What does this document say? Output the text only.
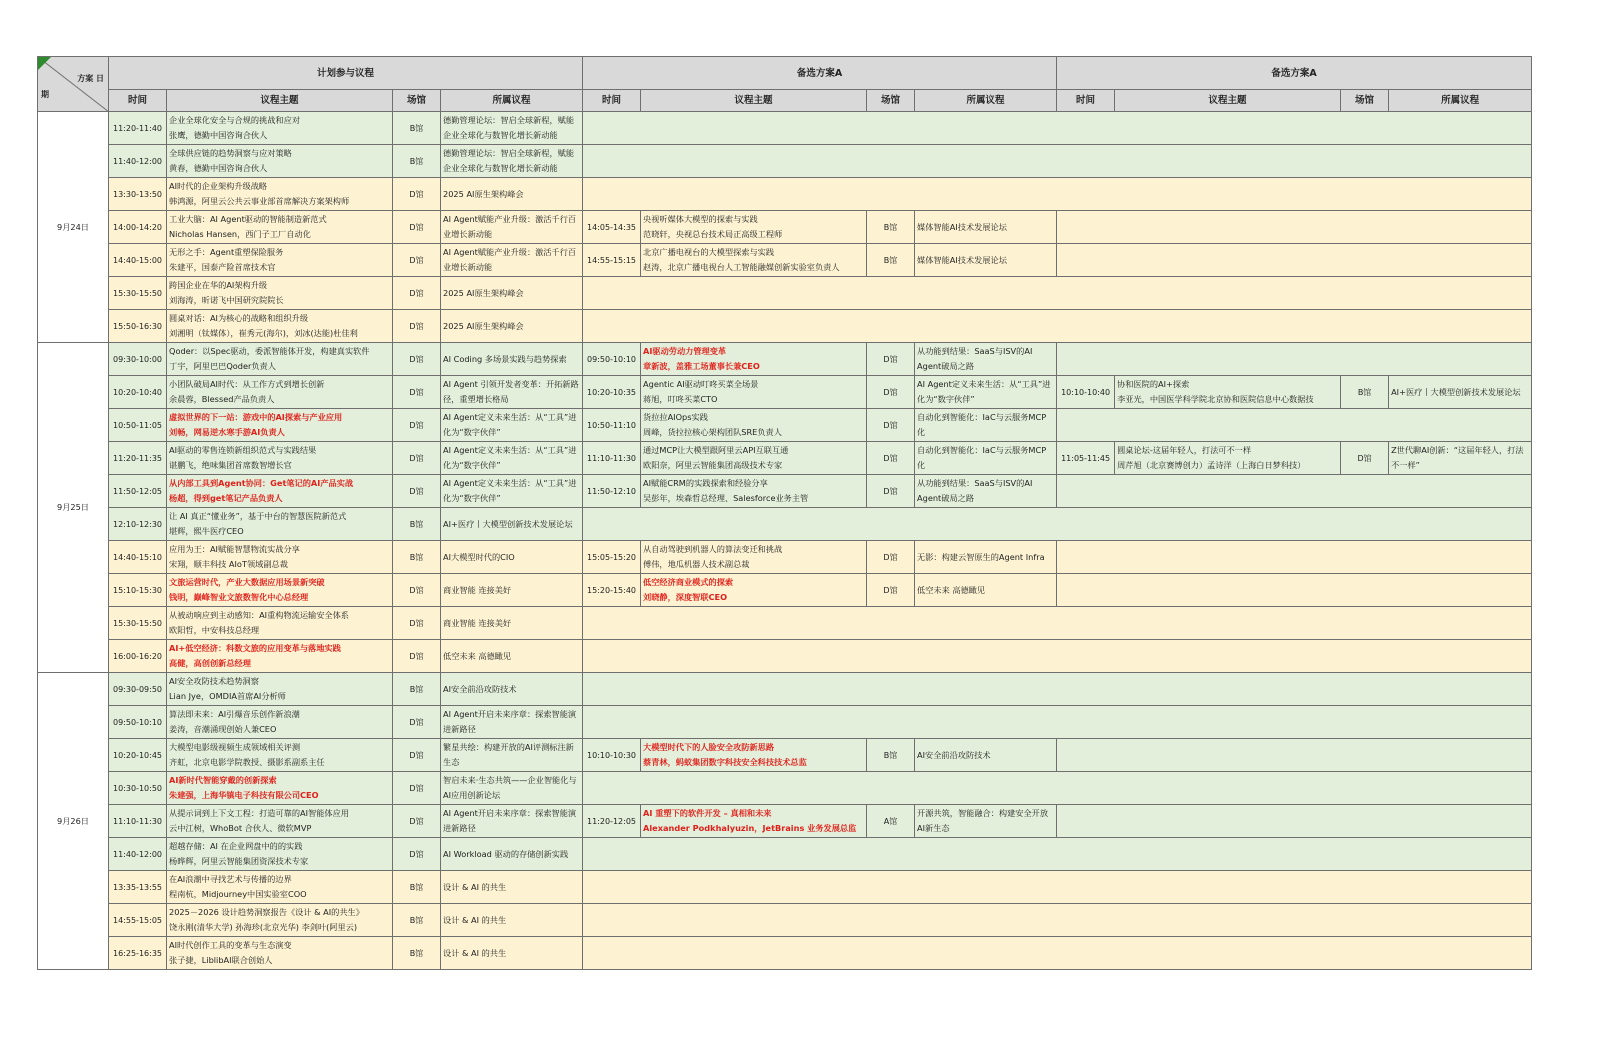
方案 日
期	计划参与议程				备选方案A				备选方案A			
	时间	议程主题	场馆	所属议程	时间	议程主题	场馆	所属议程	时间	议程主题	场馆	所属议程
9月24日	11:20-11:40	企业全球化安全与合规的挑战和应对
张鹰，德勤中国咨询合伙人	B馆	德勤管理论坛：智启全球新程，赋能企业全球化与数智化增长新动能								
	11:40-12:00	全球供应链的趋势洞察与应对策略
黄春，德勤中国咨询合伙人	B馆	德勤管理论坛：智启全球新程，赋能企业全球化与数智化增长新动能								
	13:30-13:50	AI时代的企业架构升级战略
韩鸿源，阿里云公共云事业部首席解决方案架构师	D馆	2025 AI原生架构峰会								
	14:00-14:20	工业大脑：AI Agent驱动的智能制造新范式
Nicholas Hansen，西门子工厂自动化	D馆	AI Agent赋能产业升级：激活千行百业增长新动能	14:05-14:35	央视听媒体大模型的探索与实践
范晓轩，央视总台技术局正高级工程师	B馆	媒体智能AI技术发展论坛				
	14:40-15:00	无形之手：Agent重塑保险服务
朱建平，国泰产险首席技术官	D馆	AI Agent赋能产业升级：激活千行百业增长新动能	14:55-15:15	北京广播电视台的大模型探索与实践
赵涛，北京广播电视台人工智能融媒创新实验室负责人	B馆	媒体智能AI技术发展论坛				
	15:30-15:50	跨国企业在华的AI架构升级
刘海涛，昕诺飞中国研究院院长	D馆	2025 AI原生架构峰会								
	15:50-16:30	圆桌对话：AI为核心的战略和组织升级
刘湘明（钛媒体），崔秀元(海尔)，刘冰(达能)杜佳利	D馆	2025 AI原生架构峰会								
9月25日	09:30-10:00	Qoder：以Spec驱动，委派智能体开发，构建真实软件
丁宇，阿里巴巴Qoder负责人	D馆	AI Coding 多场景实践与趋势探索	09:50-10:10	AI驱动劳动力管理变革
章新波，盖雅工场董事长兼CEO	D馆	从功能到结果：SaaS与ISV的AI Agent破局之路				
	10:20-10:40	小团队破局AI时代：从工作方式到增长创新
余晨蓉，Blessed产品负责人	D馆	AI Agent 引领开发者变革：开拓新路径，重塑增长格局	10:20-10:35	Agentic AI驱动叮咚买菜全场景
蒋旭，叮咚买菜CTO	D馆	AI Agent定义未来生活：从“工具”进化为“数字伙伴”	10:10-10:40	协和医院的AI+探索
李亚光，中国医学科学院北京协和医院信息中心数据技	B馆	AI+医疗丨大模型创新技术发展论坛
	10:50-11:05	虚拟世界的下一站：游戏中的AI探索与产业应用
刘畅，网易逆水寒手游AI负责人	D馆	AI Agent定义未来生活：从“工具”进化为“数字伙伴”	10:50-11:10	货拉拉AIOps实践
周峰，货拉拉核心架构团队SRE负责人	D馆	自动化到智能化：IaC与云服务MCP化				
	11:20-11:35	AI驱动的零售连锁新组织范式与实践结果
谌鹏飞，绝味集团首席数智增长官	D馆	AI Agent定义未来生活：从“工具”进化为“数字伙伴”	11:10-11:30	通过MCP让大模型跟阿里云API互联互通
欧阳奈，阿里云智能集团高级技术专家	D馆	自动化到智能化：IaC与云服务MCP化	11:05-11:45	圆桌论坛-这届年轻人，打法可不一样
周芹旭（北京赛博创力）孟诗洋（上海白日梦科技）	D馆	Z世代聊AI创新：“这届年轻人，打法不一样”
	11:50-12:05	从内部工具到Agent协同：Get笔记的AI产品实战
杨超，得到get笔记产品负责人	D馆	AI Agent定义未来生活：从“工具”进化为“数字伙伴”	11:50-12:10	AI赋能CRM的实践探索和经验分享
吴彭年，埃森哲总经理、Salesforce业务主管	D馆	从功能到结果：SaaS与ISV的AI Agent破局之路				
	12:10-12:30	让 AI 真正“懂业务”，基于中台的智慧医院新范式
堪辉，熙牛医疗CEO	B馆	AI+医疗丨大模型创新技术发展论坛								
	14:40-15:10	应用为王：AI赋能智慧物流实战分享
宋翔，顺丰科技 AIoT领域副总裁	B馆	AI大模型时代的CIO	15:05-15:20	从自动驾驶到机器人的算法变迁和挑战
傅伟，地瓜机器人技术副总裁	D馆	无影：构建云智原生的Agent Infra				
	15:10-15:30	文旅运营时代，产业大数据应用场景新突破
钱明，巅峰智业文旅数智化中心总经理	D馆	商业智能 连接美好	15:20-15:40	低空经济商业模式的探索
刘晓静，深度智联CEO	D馆	低空未来 高德瞰见				
	15:30-15:50	从被动响应到主动感知：AI重构物流运输安全体系
欧阳哲，中安科技总经理	D馆	商业智能 连接美好								
	16:00-16:20	AI+低空经济：科数文旅的应用变革与落地实践
高健，高创创新总经理	D馆	低空未来 高德瞰见								
9月26日	09:30-09:50	AI安全攻防技术趋势洞察
Lian Jye，OMDIA首席AI分析师	B馆	AI安全前沿攻防技术								
	09:50-10:10	算法即未来：AI引爆音乐创作新浪潮
姜涛，音潮涌现创始人兼CEO	D馆	AI Agent开启未来序章：探索智能演进新路径								
	10:20-10:45	大模型电影级视频生成领域相关评测
齐虹，北京电影学院教授、摄影系副系主任	D馆	繁星共绘：构建开放的AI评测标注新生态	10:10-10:30	大模型时代下的人脸安全攻防新思路
蔡青林，蚂蚁集团数字科技安全科技技术总监	B馆	AI安全前沿攻防技术				
	10:30-10:50	AI新时代智能穿戴的创新探索
朱建强，上海华镇电子科技有限公司CEO	D馆	智启未来·生态共筑——企业智能化与AI应用创新论坛								
	11:10-11:30	从提示词到上下文工程：打造可靠的AI智能体应用
云中江树，WhoBot 合伙人、微软MVP	D馆	AI Agent开启未来序章：探索智能演进新路径	11:20-12:05	AI 重塑下的软件开发 – 真相和未来
Alexander Podkhalyuzin，JetBrains 业务发展总监	A馆	开源共筑，智能融合：构建安全开放AI新生态				
	11:40-12:00	超越存储：AI 在企业网盘中的的实践
杨晔辉，阿里云智能集团资深技术专家	D馆	AI Workload 驱动的存储创新实践								
	13:35-13:55	在AI浪潮中寻找艺术与传播的边界
程南杭，Midjourney中国实验室COO	B馆	设计 & AI 的共生								
	14:55-15:05	2025－2026 设计趋势洞察报告《设计 & AI的共生》
饶永刚(清华大学) 孙海珍(北京光华) 李剑叶(阿里云)	B馆	设计 & AI 的共生								
	16:25-16:35	AI时代创作工具的变革与生态演变
张子捷，LiblibAI联合创始人	B馆	设计 & AI 的共生								
